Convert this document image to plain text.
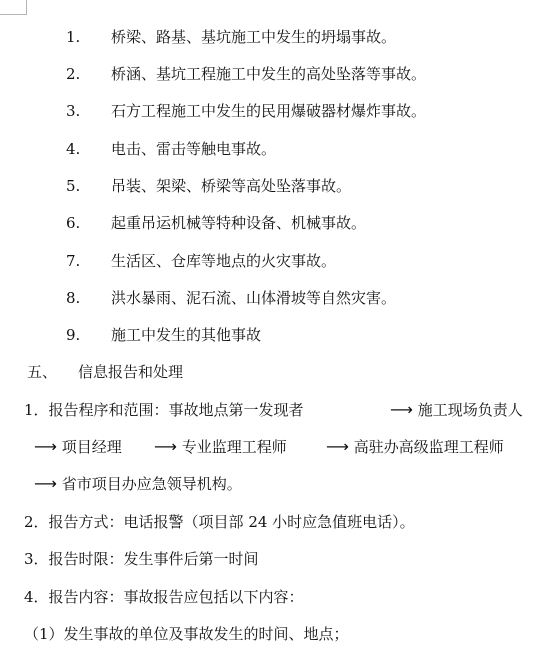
1.	桥梁、路基、基坑施工中发生的坍塌事故。
2.	桥涵、基坑工程施工中发生的高处坠落等事故。
3.	石方工程施工中发生的民用爆破器材爆炸事故。
4.	电击、雷击等触电事故。
5.	吊装、架梁、桥梁等高处坠落事故。
6.	起重吊运机械等特种设备、机械事故。
7.	生活区、仓库等地点的火灾事故。
8.	洪水暴雨、泥石流、山体滑坡等自然灾害。
9.	施工中发生的其他事故
五、 信息报告和处理
1．报告程序和范围：事故地点第一发现者	⟶ 施工现场负责人
⟶ 项目经理 ⟶ 专业监理工程师 ⟶ 高驻办高级监理工程师
⟶ 省市项目办应急领导机构。
2．报告方式：电话报警（项目部 24 小时应急值班电话）。
3．报告时限：发生事件后第一时间
4．报告内容：事故报告应包括以下内容：
（1）发生事故的单位及事故发生的时间、地点；
